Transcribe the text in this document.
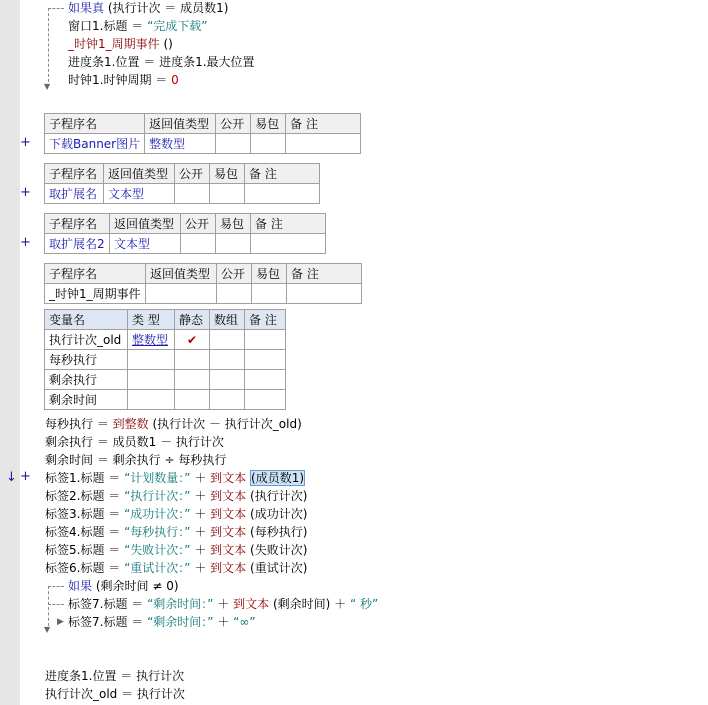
+
+
+
↓ +
▼
如果真 (执行计次 ＝ 成员数1)
窗口1.标题 ＝ “完成下载”
_时钟1_周期事件 ()
进度条1.位置 ＝ 进度条1.最大位置
时钟1.时钟周期 ＝ 0
子程序名	返回值类型	公开	易包	备 注
下载Banner图片	整数型			
子程序名	返回值类型	公开	易包	备 注
取扩展名	文本型			
子程序名	返回值类型	公开	易包	备 注
取扩展名2	文本型			
子程序名	返回值类型	公开	易包	备 注
_时钟1_周期事件				
变量名	类 型	静态	数组	备 注
执行计次_old	整数型	✔		
每秒执行				
剩余执行				
剩余时间				
每秒执行 ＝ 到整数 (执行计次 － 执行计次_old)
剩余执行 ＝ 成员数1 － 执行计次
剩余时间 ＝ 剩余执行 ÷ 每秒执行
标签1.标题 ＝ “计划数量：” ＋ 到文本 (成员数1)
标签2.标题 ＝ “执行计次：” ＋ 到文本 (执行计次)
标签3.标题 ＝ “成功计次：” ＋ 到文本 (成功计次)
标签4.标题 ＝ “每秒执行：” ＋ 到文本 (每秒执行)
标签5.标题 ＝ “失败计次：” ＋ 到文本 (失败计次)
标签6.标题 ＝ “重试计次：” ＋ 到文本 (重试计次)
▼
▶
如果 (剩余时间 ≠ 0)
标签7.标题 ＝ “剩余时间：” ＋ 到文本 (剩余时间) ＋ “ 秒”
标签7.标题 ＝ “剩余时间：” ＋ “∞”
进度条1.位置 ＝ 执行计次
执行计次_old ＝ 执行计次
